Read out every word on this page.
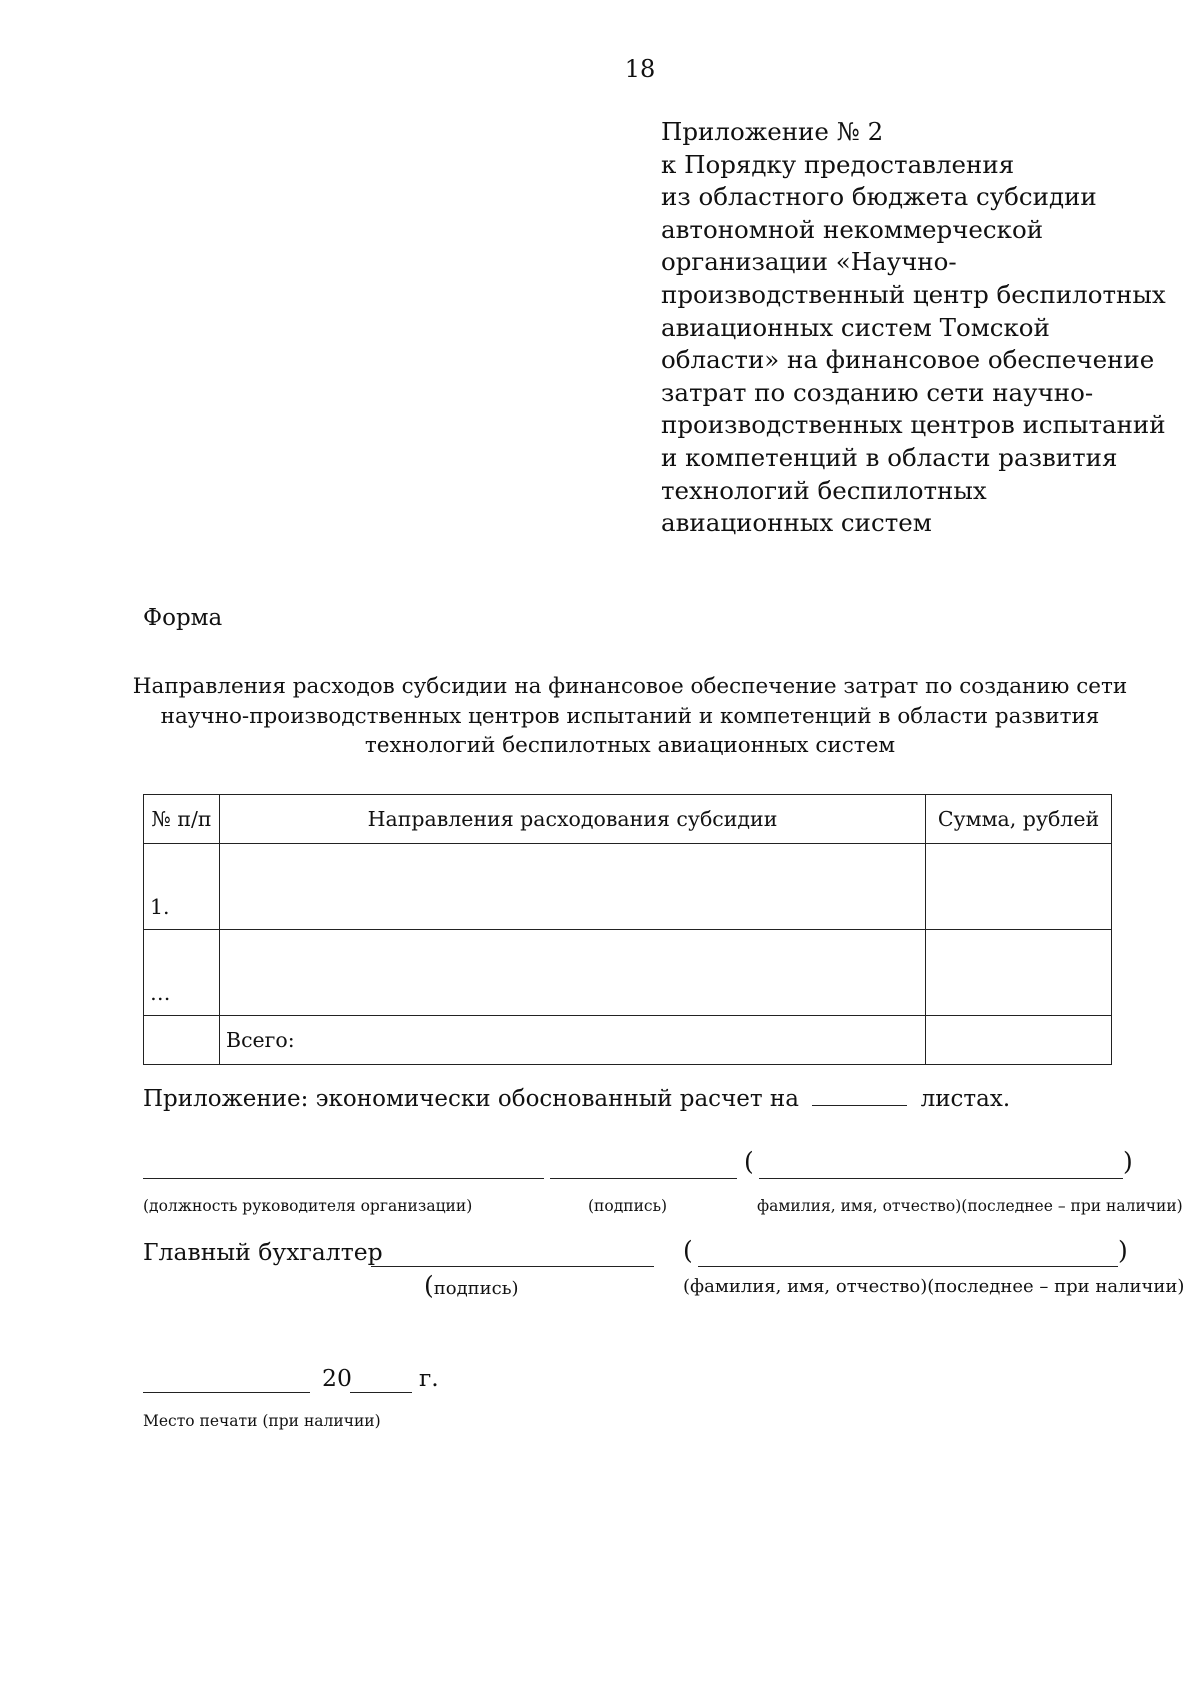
18
Приложение № 2
к Порядку предоставления
из областного бюджета субсидии
автономной некоммерческой
организации «Научно-
производственный центр беспилотных
авиационных систем Томской
области» на финансовое обеспечение
затрат по созданию сети научно-
производственных центров испытаний
и компетенций в области развития
технологий беспилотных
авиационных систем
Форма
Направления расходов субсидии на финансовое обеспечение затрат по созданию сети
научно-производственных центров испытаний и компетенций в области развития
технологий беспилотных авиационных систем
№ п/п	Направления расходования субсидии	Сумма, рублей
1.		
…		
	Всего:	
Приложение: экономически обоснованный расчет на	листах.
(	)
(должность руководителя организации)	(подпись)	фамилия, имя, отчество)(последнее – при наличии)
Главный бухгалтер	(	)
(подпись)	(фамилия, имя, отчество)(последнее – при наличии)
20	г.
Место печати (при наличии)
